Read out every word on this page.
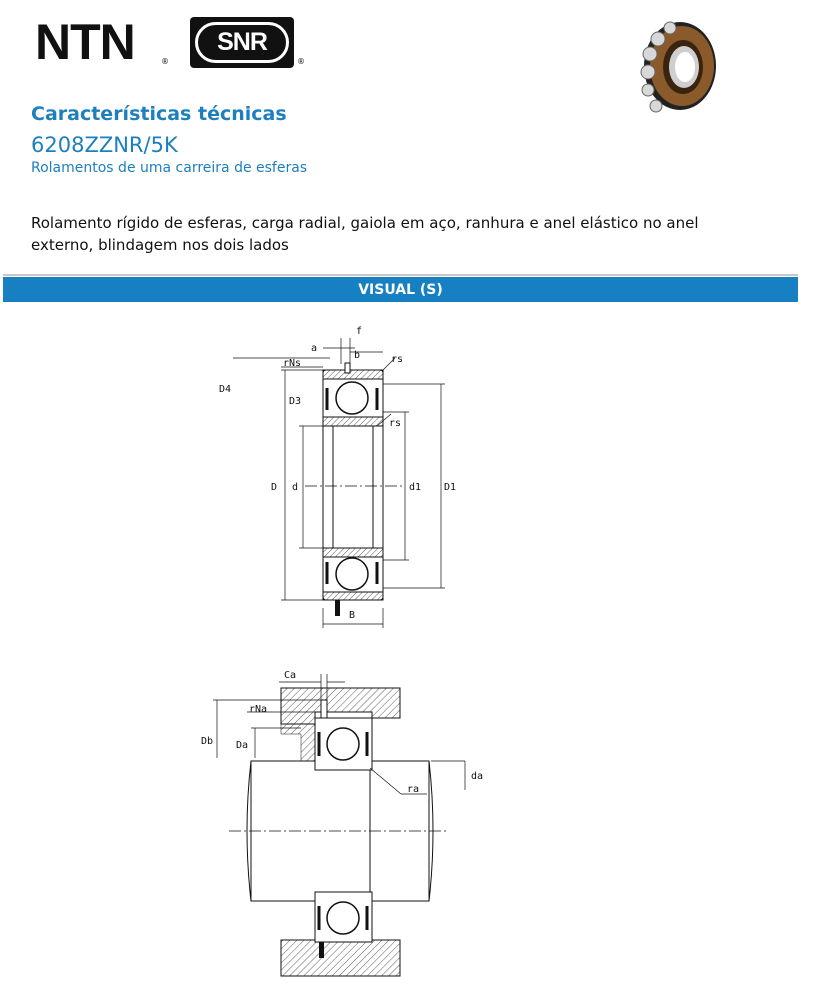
NTN	®
SNR
®
Características técnicas
6208ZZNR/5K

Rolamentos de uma carreira de esferas

Rolamento rígido de esferas, carga radial, gaiola em aço, ranhura e anel elástico no anel externo, blindagem nos dois lados

VISUAL (S)
f
a
b
rNs	rs
D4
D3
rs
D d	d1 D1
B
Ca
rNa
Db Da
da
ra
